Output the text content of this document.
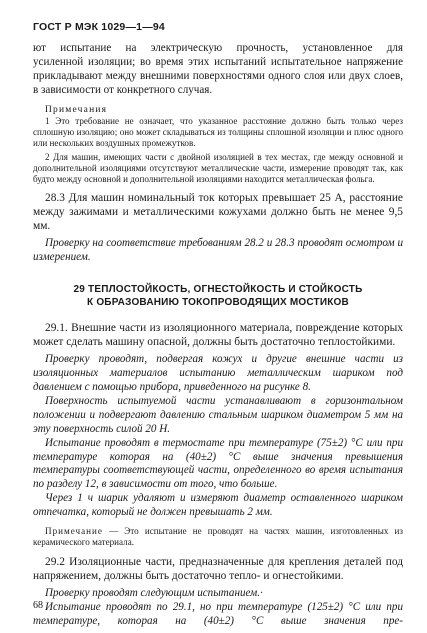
ГОСТ Р МЭК 1029—1—94

ют испытание на электрическую прочность, установленное для

усиленной изоляции; во время этих испытаний испытательное напряжение прикладывают между внешними поверхностями одного слоя или двух слоев, в зависимости от конкретного случая.

Примечания

1 Это требование не означает, что указанное расстояние должно быть только через сплошную изоляцию; оно может складываться из толщины сплошной изоляции и плюс одного или нескольких воздушных промежутков.

2 Для машин, имеющих части с двойной изоляцией в тех местах, где между основной и дополнительной изоляциями отсутствуют металлические части, измерение проводят так, как будто между основной и дополнительной изоляциями находится металлическая фольга.

28.3 Для машин номинальный ток которых превышает 25 А, расстояние между зажимами и металлическими кожухами должно быть не менее 9,5 мм.

Проверку на соответствие требованиям 28.2 и 28.3 проводят осмотром и измерением.

29 ТЕПЛОСТОЙКОСТЬ, ОГНЕСТОЙКОСТЬ И СТОЙКОСТЬ
К ОБРАЗОВАНИЮ ТОКОПРОВОДЯЩИХ МОСТИКОВ

29.1. Внешние части из изоляционного материала, повреждение которых может сделать машину опасной, должны быть достаточно теплостойкими.

Проверку проводят, подвергая кожух и другие внешние части из изоляционных материалов испытанию металлическим шариком под давлением с помощью прибора, приведенного на рисунке 8.

Поверхность испытуемой части устанавливают в горизонтальном положении и подвергают давлению стальным шариком диаметром 5 мм на эту поверхность силой 20 Н.

Испытание проводят в термостате при температуре (75±2) °С или при температуре которая на (40±2) °С выше значения превышения температуры соответствующей части, определенного во время испытания по разделу 12, в зависимости от того, что больше.

Через 1 ч шарик удаляют и измеряют диаметр оставленного шариком отпечатка, который не должен превышать 2 мм.

Примечание — Это испытание не проводят на частях машин, изготовленных из керамического материала.

29.2 Изоляционные части, предназначенные для крепления деталей под напряжением, должны быть достаточно тепло- и огнестойкими.

Проверку проводят следующим испытанием.·

Испытание проводят по 29.1, но при температуре (125±2) °С или при температуре, которая на (40±2) °С выше значения пре-

68
